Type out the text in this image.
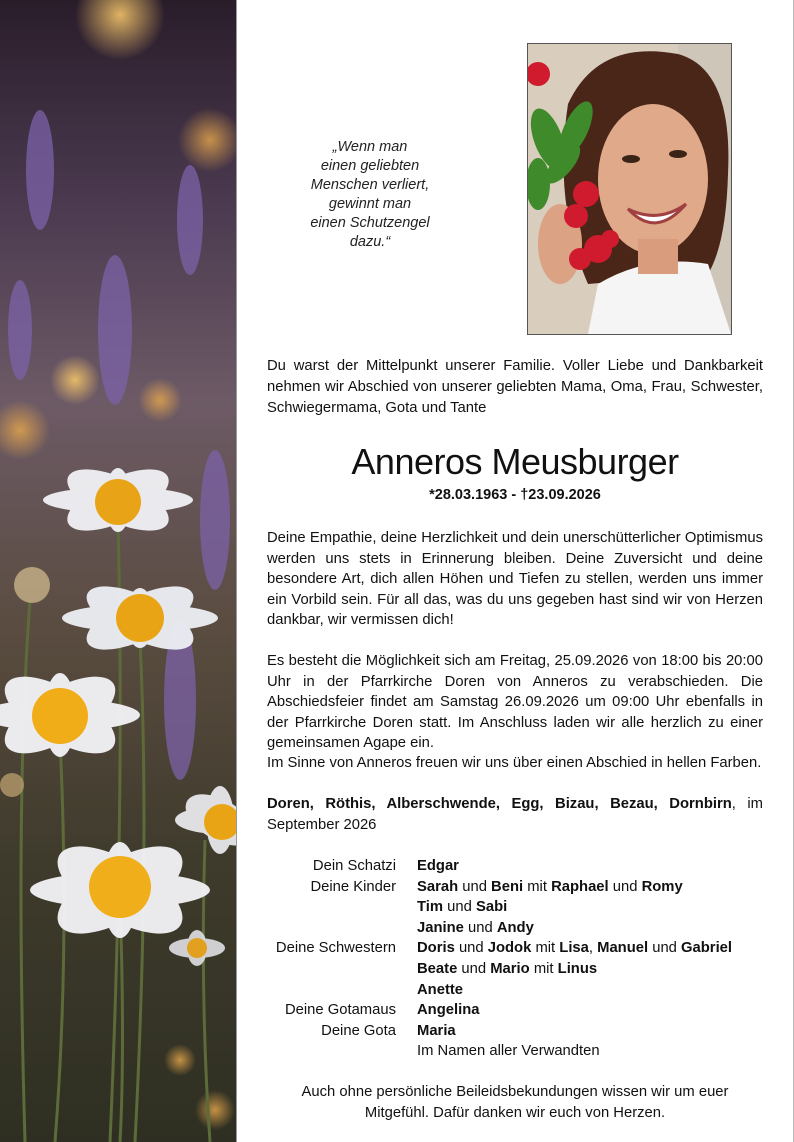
„Wenn man
einen geliebten
Menschen verliert,
gewinnt man
einen Schutzengel
dazu.“
Du warst der Mittelpunkt unserer Familie. Voller Liebe und Dankbarkeit nehmen wir Abschied von unserer geliebten Mama, Oma, Frau, Schwester, Schwiegermama, Gota und Tante
Anneros Meusburger
*28.03.1963 - †23.09.2026
Deine Empathie, deine Herzlichkeit und dein unerschütterlicher Optimismus werden uns stets in Erinnerung bleiben. Deine Zuversicht und deine besondere Art, dich allen Höhen und Tiefen zu stellen, werden uns immer ein Vorbild sein. Für all das, was du uns gegeben hast sind wir von Herzen dankbar, wir vermissen dich!
Es besteht die Möglichkeit sich am Freitag, 25.09.2026 von 18:00 bis 20:00 Uhr in der Pfarrkirche Doren von Anneros zu verabschieden. Die Abschiedsfeier findet am Samstag 26.09.2026 um 09:00 Uhr ebenfalls in der Pfarrkirche Doren statt. Im Anschluss laden wir alle herzlich zu einer gemeinsamen Agape ein.
Im Sinne von Anneros freuen wir uns über einen Abschied in hellen Farben.
Doren, Röthis, Alberschwende, Egg, Bizau, Bezau, Dornbirn, im September 2026
Dein Schatzi	Edgar
Deine Kinder	Sarah und Beni mit Raphael und Romy
Tim und Sabi
Janine und Andy
Deine Schwestern	Doris und Jodok mit Lisa, Manuel und Gabriel
Beate und Mario mit Linus
Anette
Deine Gotamaus	Angelina
Deine Gota	Maria
Im Namen aller Verwandten
Auch ohne persönliche Beileidsbekundungen wissen wir um euer
Mitgefühl. Dafür danken wir euch von Herzen.
